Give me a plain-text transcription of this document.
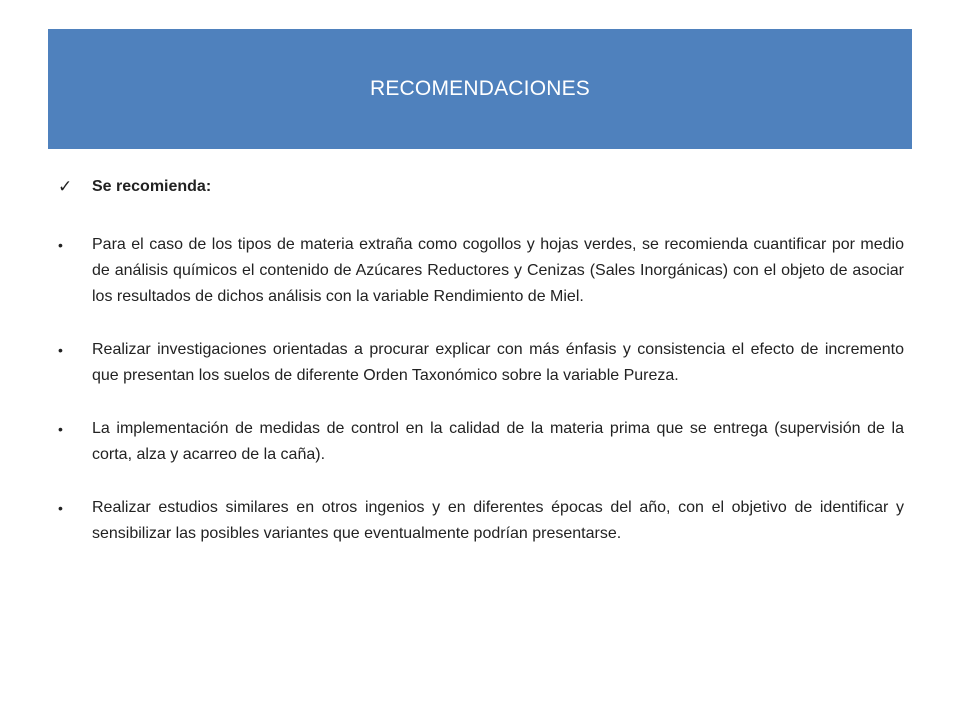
RECOMENDACIONES
✓	Se recomienda:
•	Para el caso de los tipos de materia extraña como cogollos y hojas verdes, se recomienda cuantificar por medio de análisis químicos el contenido de Azúcares Reductores y Cenizas (Sales Inorgánicas) con el objeto de asociar los resultados de dichos análisis con la variable Rendimiento de Miel.
•	Realizar investigaciones orientadas a procurar explicar con más énfasis y consistencia el efecto de incremento que presentan los suelos de diferente Orden Taxonómico sobre la variable Pureza.
•	La implementación de medidas de control en la calidad de la materia prima que se entrega (supervisión de la corta, alza y acarreo de la caña).
•	Realizar estudios similares en otros ingenios y en diferentes épocas del año, con el objetivo de identificar y sensibilizar las posibles variantes que eventualmente podrían presentarse.
